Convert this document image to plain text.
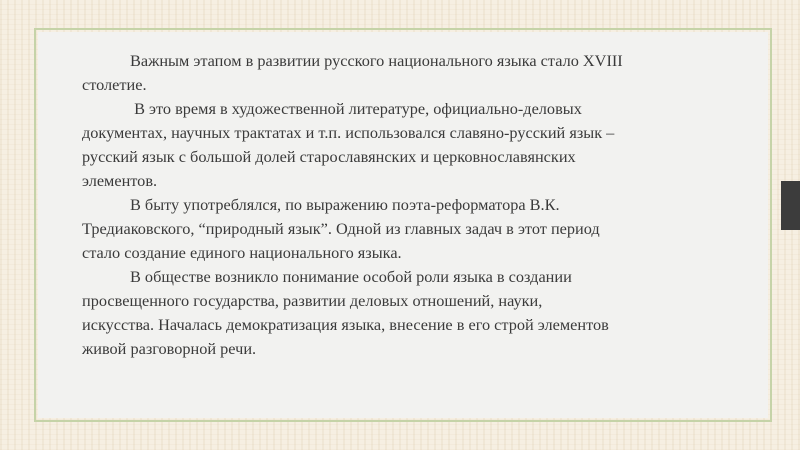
Важным этапом в развитии русского национального языка стало XVIII
столетие.

В это время в художественной литературе, официально-деловых
документах, научных трактатах и т.п. использовался славяно-русский язык –
русский язык с большой долей старославянских и церковнославянских
элементов.

В быту употреблялся, по выражению поэта-реформатора В.К.
Тредиаковского, “природный язык”. Одной из главных задач в этот период
стало создание единого национального языка.

В обществе возникло понимание особой роли языка в создании
просвещенного государства, развитии деловых отношений, науки,
искусства. Началась демократизация языка, внесение в его строй элементов
живой разговорной речи.
